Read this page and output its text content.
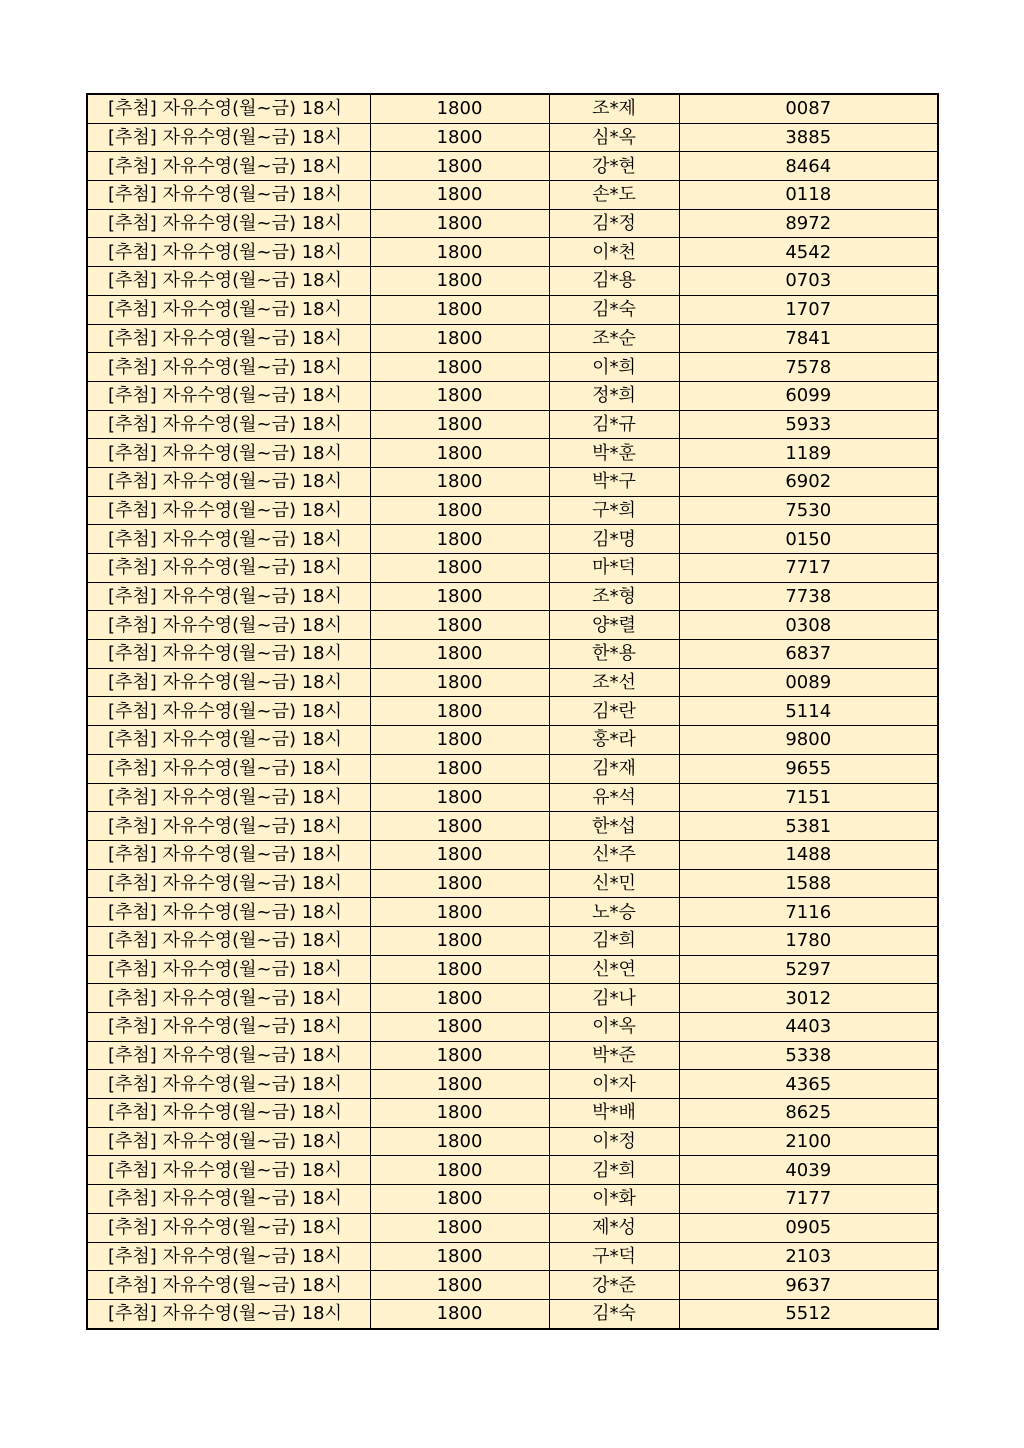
[추첨] 자유수영(월~금) 18시	1800	조*제	0087
[추첨] 자유수영(월~금) 18시	1800	심*옥	3885
[추첨] 자유수영(월~금) 18시	1800	강*현	8464
[추첨] 자유수영(월~금) 18시	1800	손*도	0118
[추첨] 자유수영(월~금) 18시	1800	김*정	8972
[추첨] 자유수영(월~금) 18시	1800	이*천	4542
[추첨] 자유수영(월~금) 18시	1800	김*용	0703
[추첨] 자유수영(월~금) 18시	1800	김*숙	1707
[추첨] 자유수영(월~금) 18시	1800	조*순	7841
[추첨] 자유수영(월~금) 18시	1800	이*희	7578
[추첨] 자유수영(월~금) 18시	1800	정*희	6099
[추첨] 자유수영(월~금) 18시	1800	김*규	5933
[추첨] 자유수영(월~금) 18시	1800	박*훈	1189
[추첨] 자유수영(월~금) 18시	1800	박*구	6902
[추첨] 자유수영(월~금) 18시	1800	구*희	7530
[추첨] 자유수영(월~금) 18시	1800	김*명	0150
[추첨] 자유수영(월~금) 18시	1800	마*덕	7717
[추첨] 자유수영(월~금) 18시	1800	조*형	7738
[추첨] 자유수영(월~금) 18시	1800	양*렬	0308
[추첨] 자유수영(월~금) 18시	1800	한*용	6837
[추첨] 자유수영(월~금) 18시	1800	조*선	0089
[추첨] 자유수영(월~금) 18시	1800	김*란	5114
[추첨] 자유수영(월~금) 18시	1800	홍*라	9800
[추첨] 자유수영(월~금) 18시	1800	김*재	9655
[추첨] 자유수영(월~금) 18시	1800	유*석	7151
[추첨] 자유수영(월~금) 18시	1800	한*섭	5381
[추첨] 자유수영(월~금) 18시	1800	신*주	1488
[추첨] 자유수영(월~금) 18시	1800	신*민	1588
[추첨] 자유수영(월~금) 18시	1800	노*승	7116
[추첨] 자유수영(월~금) 18시	1800	김*희	1780
[추첨] 자유수영(월~금) 18시	1800	신*연	5297
[추첨] 자유수영(월~금) 18시	1800	김*나	3012
[추첨] 자유수영(월~금) 18시	1800	이*옥	4403
[추첨] 자유수영(월~금) 18시	1800	박*준	5338
[추첨] 자유수영(월~금) 18시	1800	이*자	4365
[추첨] 자유수영(월~금) 18시	1800	박*배	8625
[추첨] 자유수영(월~금) 18시	1800	이*정	2100
[추첨] 자유수영(월~금) 18시	1800	김*희	4039
[추첨] 자유수영(월~금) 18시	1800	이*화	7177
[추첨] 자유수영(월~금) 18시	1800	제*성	0905
[추첨] 자유수영(월~금) 18시	1800	구*덕	2103
[추첨] 자유수영(월~금) 18시	1800	강*준	9637
[추첨] 자유수영(월~금) 18시	1800	김*숙	5512
